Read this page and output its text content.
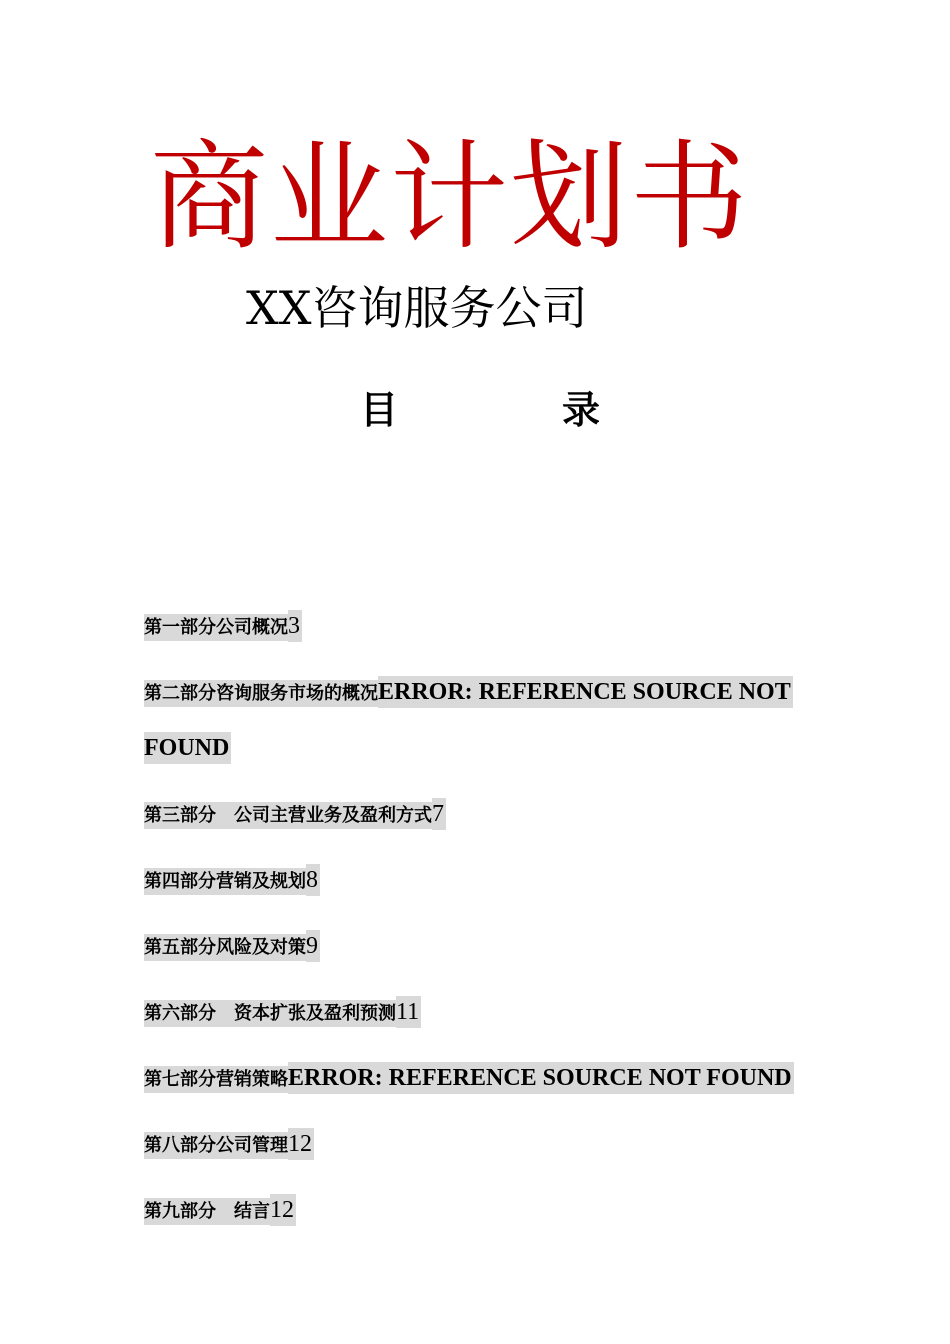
商业计划书
XX咨询服务公司
目	录
第一部分公司概况3
第二部分咨询服务市场的概况ERROR: REFERENCE SOURCE NOT FOUND
第三部分　公司主营业务及盈利方式7
第四部分营销及规划8
第五部分风险及对策9
第六部分　资本扩张及盈利预测11
第七部分营销策略ERROR: REFERENCE SOURCE NOT FOUND
第八部分公司管理12
第九部分　结言12
